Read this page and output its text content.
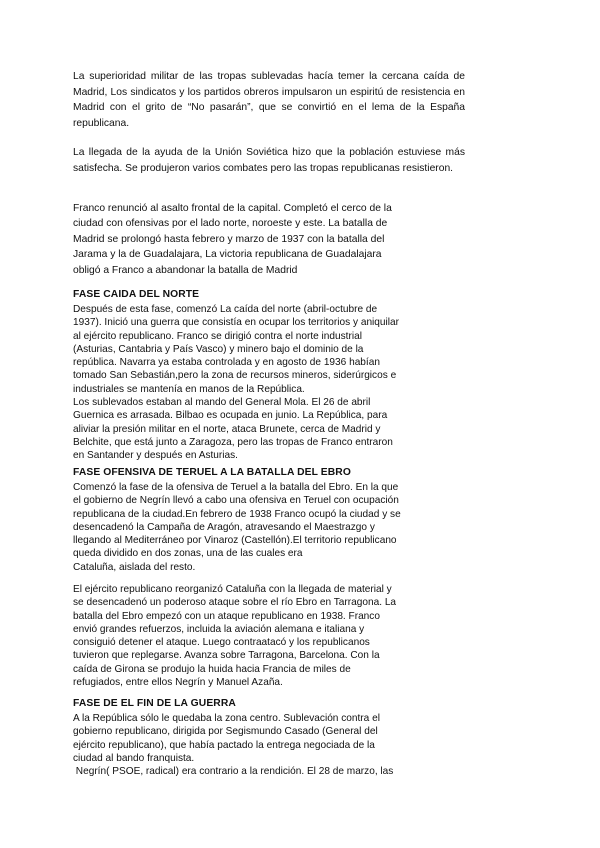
La superioridad militar de las tropas sublevadas hacía temer la cercana caída de Madrid, Los sindicatos y los partidos obreros impulsaron un espiritú de resistencia en Madrid con el grito de “No pasarán”, que se convirtió en el lema de la España republicana.

La llegada de la ayuda de la Unión Soviética hizo que la población estuviese más satisfecha. Se produjeron varios combates pero las tropas republicanas resistieron.

Franco renunció al asalto frontal de la capital. Completó el cerco de la
ciudad con ofensivas por el lado norte, noroeste y este. La batalla de
Madrid se prolongó hasta febrero y marzo de 1937 con la batalla del
Jarama y la de Guadalajara, La victoria republicana de Guadalajara
obligó a Franco a abandonar la batalla de Madrid

FASE CAIDA DEL NORTE

Después de esta fase, comenzó La caída del norte (abril-octubre de
1937). Inició una guerra que consistía en ocupar los territorios y aniquilar
al ejército republicano. Franco se dirigió contra el norte industrial
(Asturias, Cantabria y País Vasco) y minero bajo el dominio de la
república. Navarra ya estaba controlada y en agosto de 1936 habían
tomado San Sebastián,pero la zona de recursos mineros, siderúrgicos e
industriales se mantenía en manos de la República.
Los sublevados estaban al mando del General Mola. El 26 de abril
Guernica es arrasada. Bilbao es ocupada en junio. La República, para
aliviar la presión militar en el norte, ataca Brunete, cerca de Madrid y
Belchite, que está junto a Zaragoza, pero las tropas de Franco entraron
en Santander y después en Asturias.

FASE OFENSIVA DE TERUEL A LA BATALLA DEL EBRO

Comenzó la fase de la ofensiva de Teruel a la batalla del Ebro. En la que
el gobierno de Negrín llevó a cabo una ofensiva en Teruel con ocupación
republicana de la ciudad.En febrero de 1938 Franco ocupó la ciudad y se
desencadenó la Campaña de Aragón, atravesando el Maestrazgo y
llegando al Mediterráneo por Vinaroz (Castellón).El territorio republicano
queda dividido en dos zonas, una de las cuales era
Cataluña, aislada del resto.

El ejército republicano reorganizó Cataluña con la llegada de material y
se desencadenó un poderoso ataque sobre el río Ebro en Tarragona. La
batalla del Ebro empezó con un ataque republicano en 1938. Franco
envió grandes refuerzos, incluida la aviación alemana e italiana y
consiguió detener el ataque. Luego contraatacó y los republicanos
tuvieron que replegarse. Avanza sobre Tarragona, Barcelona. Con la
caída de Girona se produjo la huida hacia Francia de miles de
refugiados, entre ellos Negrín y Manuel Azaña.

FASE DE EL FIN DE LA GUERRA

A la República sólo le quedaba la zona centro. Sublevación contra el
gobierno republicano, dirigida por Segismundo Casado (General del
ejército republicano), que había pactado la entrega negociada de la
ciudad al bando franquista.
Negrín( PSOE, radical) era contrario a la rendición. El 28 de marzo, las
